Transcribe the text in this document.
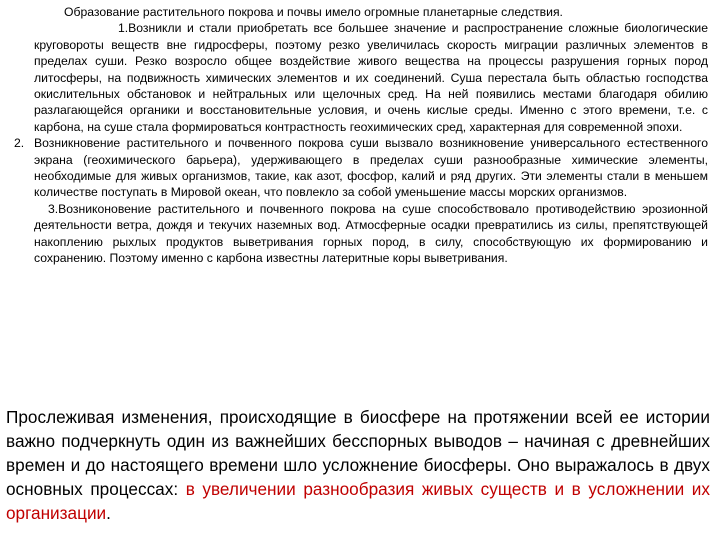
Образование растительного покрова и почвы имело огромные планетарные следствия.

1.Возникли и стали приобретать все большее значение и распространение сложные биологические круговороты веществ вне гидросферы, поэтому резко увеличилась скорость миграции различных элементов в пределах суши. Резко возросло общее воздействие живого вещества на процессы разрушения горных пород литосферы, на подвижность химических элементов и их соединений. Суша перестала быть областью господства окислительных обстановок и нейтральных или щелочных сред. На ней появились местами благодаря обилию разлагающейся органики и восстановительные условия, и очень кислые среды. Именно с этого времени, т.е. с карбона, на суше стала формироваться контрастность геохимических сред, характерная для современной эпохи.

2. Возникновение растительного и почвенного покрова суши вызвало возникновение универсального естественного экрана (геохимического барьера), удерживающего в пределах суши разнообразные химические элементы, необходимые для живых организмов, такие, как азот, фосфор, калий и ряд других. Эти элементы стали в меньшем количестве поступать в Мировой океан, что повлекло за собой уменьшение массы морских организмов.

3.Возниконовение растительного и почвенного покрова на суше способствовало противодействию эрозионной деятельности ветра, дождя и текучих наземных вод. Атмосферные осадки превратились из силы, препятствующей накоплению рыхлых продуктов выветривания горных пород, в силу, способствующую их формированию и сохранению. Поэтому именно с карбона известны латеритные коры выветривания.

Прослеживая изменения, происходящие в биосфере на протяжении всей ее истории важно подчеркнуть один из важнейших бесспорных выводов – начиная с древнейших времен и до настоящего времени шло усложнение биосферы. Оно выражалось в двух основных процессах: в увеличении разнообразия живых существ и в усложнении их организации.
